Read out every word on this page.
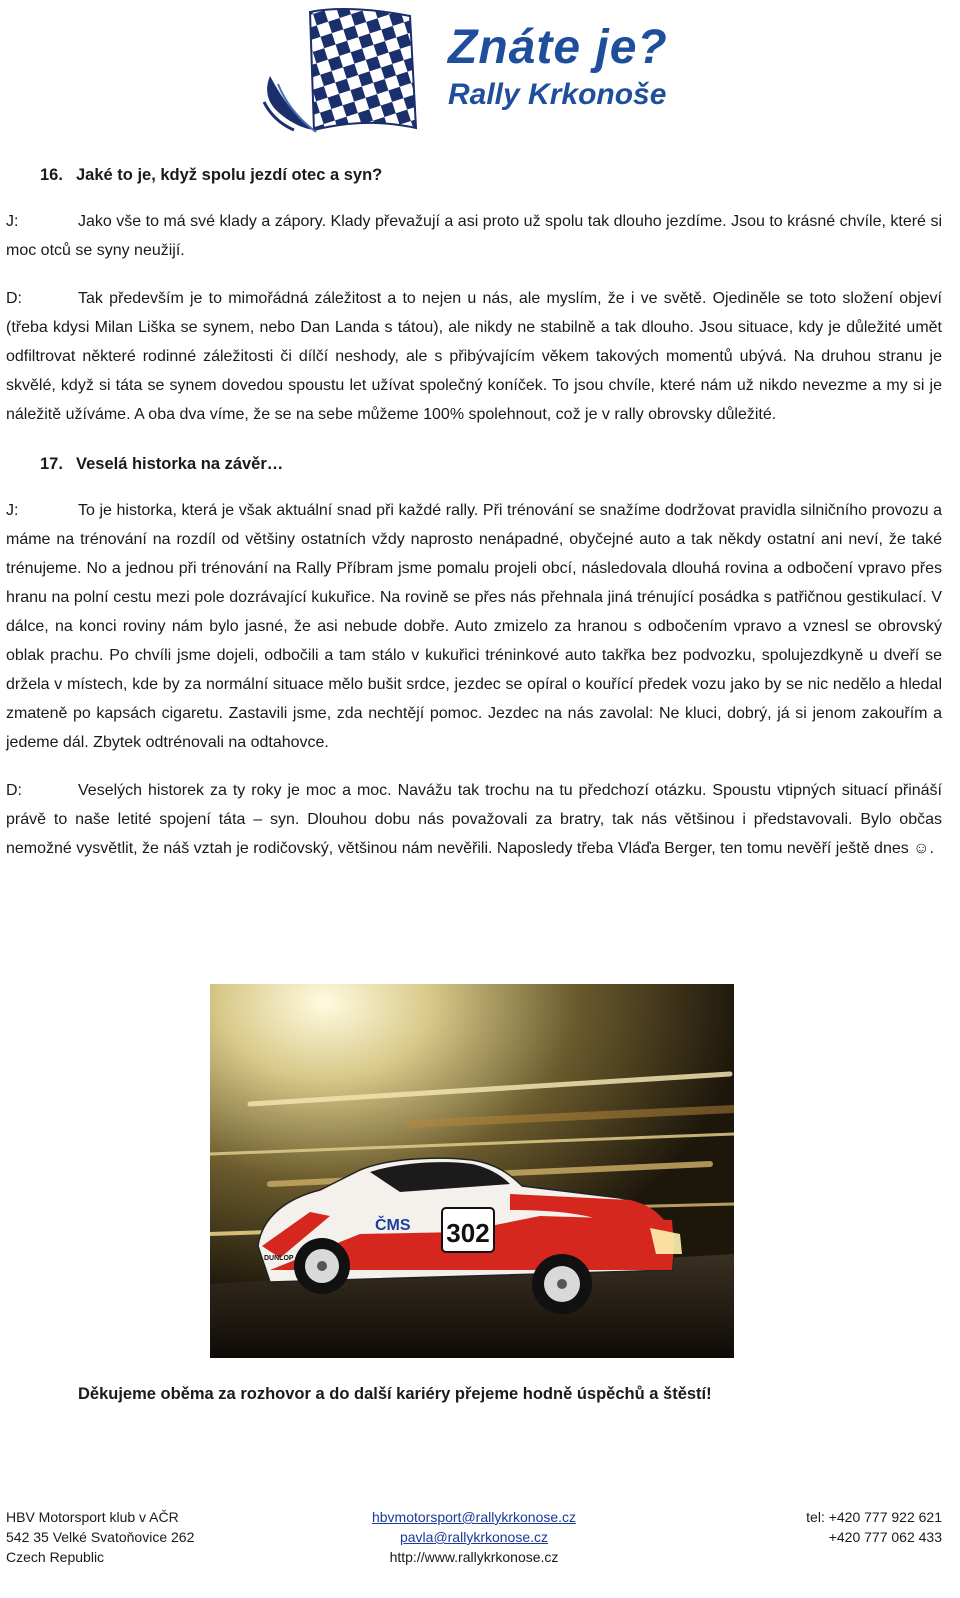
Znáte je?
Rally Krkonoše
16. Jaké to je, když spolu jezdí otec a syn?

J:	Jako vše to má své klady a zápory. Klady převažují a asi proto už spolu tak dlouho jezdíme. Jsou to krásné chvíle, které si moc otců se syny neužijí.

D:	Tak především je to mimořádná záležitost a to nejen u nás, ale myslím, že i ve světě. Ojediněle se toto složení objeví (třeba kdysi Milan Liška se synem, nebo Dan Landa s tátou), ale nikdy ne stabilně a tak dlouho. Jsou situace, kdy je důležité umět odfiltrovat některé rodinné záležitosti či dílčí neshody, ale s přibývajícím věkem takových momentů ubývá. Na druhou stranu je skvělé, když si táta se synem dovedou spoustu let užívat společný koníček. To jsou chvíle, které nám už nikdo nevezme a my si je náležitě užíváme. A oba dva víme, že se na sebe můžeme 100% spolehnout, což je v rally obrovsky důležité.

17. Veselá historka na závěr…

J:	To je historka, která je však aktuální snad při každé rally. Při trénování se snažíme dodržovat pravidla silničního provozu a máme na trénování na rozdíl od většiny ostatních vždy naprosto nenápadné, obyčejné auto a tak někdy ostatní ani neví, že také trénujeme. No a jednou při trénování na Rally Příbram jsme pomalu projeli obcí, následovala dlouhá rovina a odbočení vpravo přes hranu na polní cestu mezi pole dozrávající kukuřice. Na rovině se přes nás přehnala jiná trénující posádka s patřičnou gestikulací. V dálce, na konci roviny nám bylo jasné, že asi nebude dobře. Auto zmizelo za hranou s odbočením vpravo a vznesl se obrovský oblak prachu. Po chvíli jsme dojeli, odbočili a tam stálo v kukuřici tréninkové auto takřka bez podvozku, spolujezdkyně u dveří se držela v místech, kde by za normální situace mělo bušit srdce, jezdec se opíral o kouřící předek vozu jako by se nic nedělo a hledal zmateně po kapsách cigaretu. Zastavili jsme, zda nechtějí pomoc. Jezdec na nás zavolal: Ne kluci, dobrý, já si jenom zakouřím a jedeme dál. Zbytek odtrénovali na odtahovce.

D:	Veselých historek za ty roky je moc a moc. Navážu tak trochu na tu předchozí otázku. Spoustu vtipných situací přináší právě to naše letité spojení táta – syn. Dlouhou dobu nás považovali za bratry, tak nás většinou i představovali. Bylo občas nemožné vysvětlit, že náš vztah je rodičovský, většinou nám nevěřili. Naposledy třeba Vláďa Berger, ten tomu nevěří ještě dnes ☺.

302
ČMS
DUNLOP
Děkujeme oběma za rozhovor a do další kariéry přejeme hodně úspěchů a štěstí!
HBV Motorsport klub v AČR
542 35 Velké Svatoňovice 262
Czech Republic
hbvmotorsport@rallykrkonose.cz
pavla@rallykrkonose.cz
http://www.rallykrkonose.cz
tel: +420 777 922 621
+420 777 062 433
